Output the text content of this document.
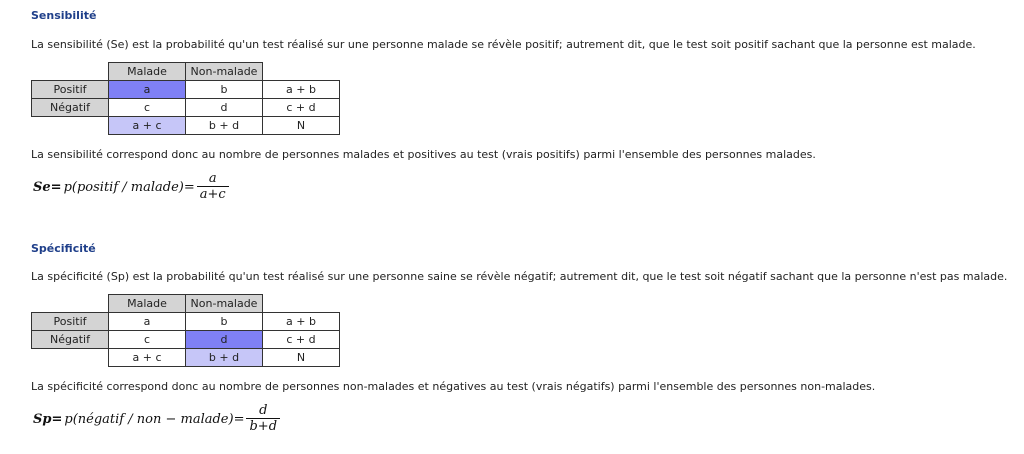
Sensibilité
La sensibilité (Se) est la probabilité qu'un test réalisé sur une personne malade se révèle positif; autrement dit, que le test soit positif sachant que la personne est malade.
	Malade	Non-malade	
Positif	a	b	a + b
Négatif	c	d	c + d
	a + c	b + d	N
La sensibilité correspond donc au nombre de personnes malades et positives au test (vrais positifs) parmi l'ensemble des personnes malades.
Se = p (positif / malade) = $\frac{a}{a+c}$
Spécificité
La spécificité (Sp) est la probabilité qu'un test réalisé sur une personne saine se révèle négatif; autrement dit, que le test soit négatif sachant que la personne n'est pas malade.
	Malade	Non-malade	
Positif	a	b	a + b
Négatif	c	d	c + d
	a + c	b + d	N
La spécificité correspond donc au nombre de personnes non-malades et négatives au test (vrais négatifs) parmi l'ensemble des personnes non-malades.
Sp = p (négatif / non − malade) = $\frac{d}{b+d}$
